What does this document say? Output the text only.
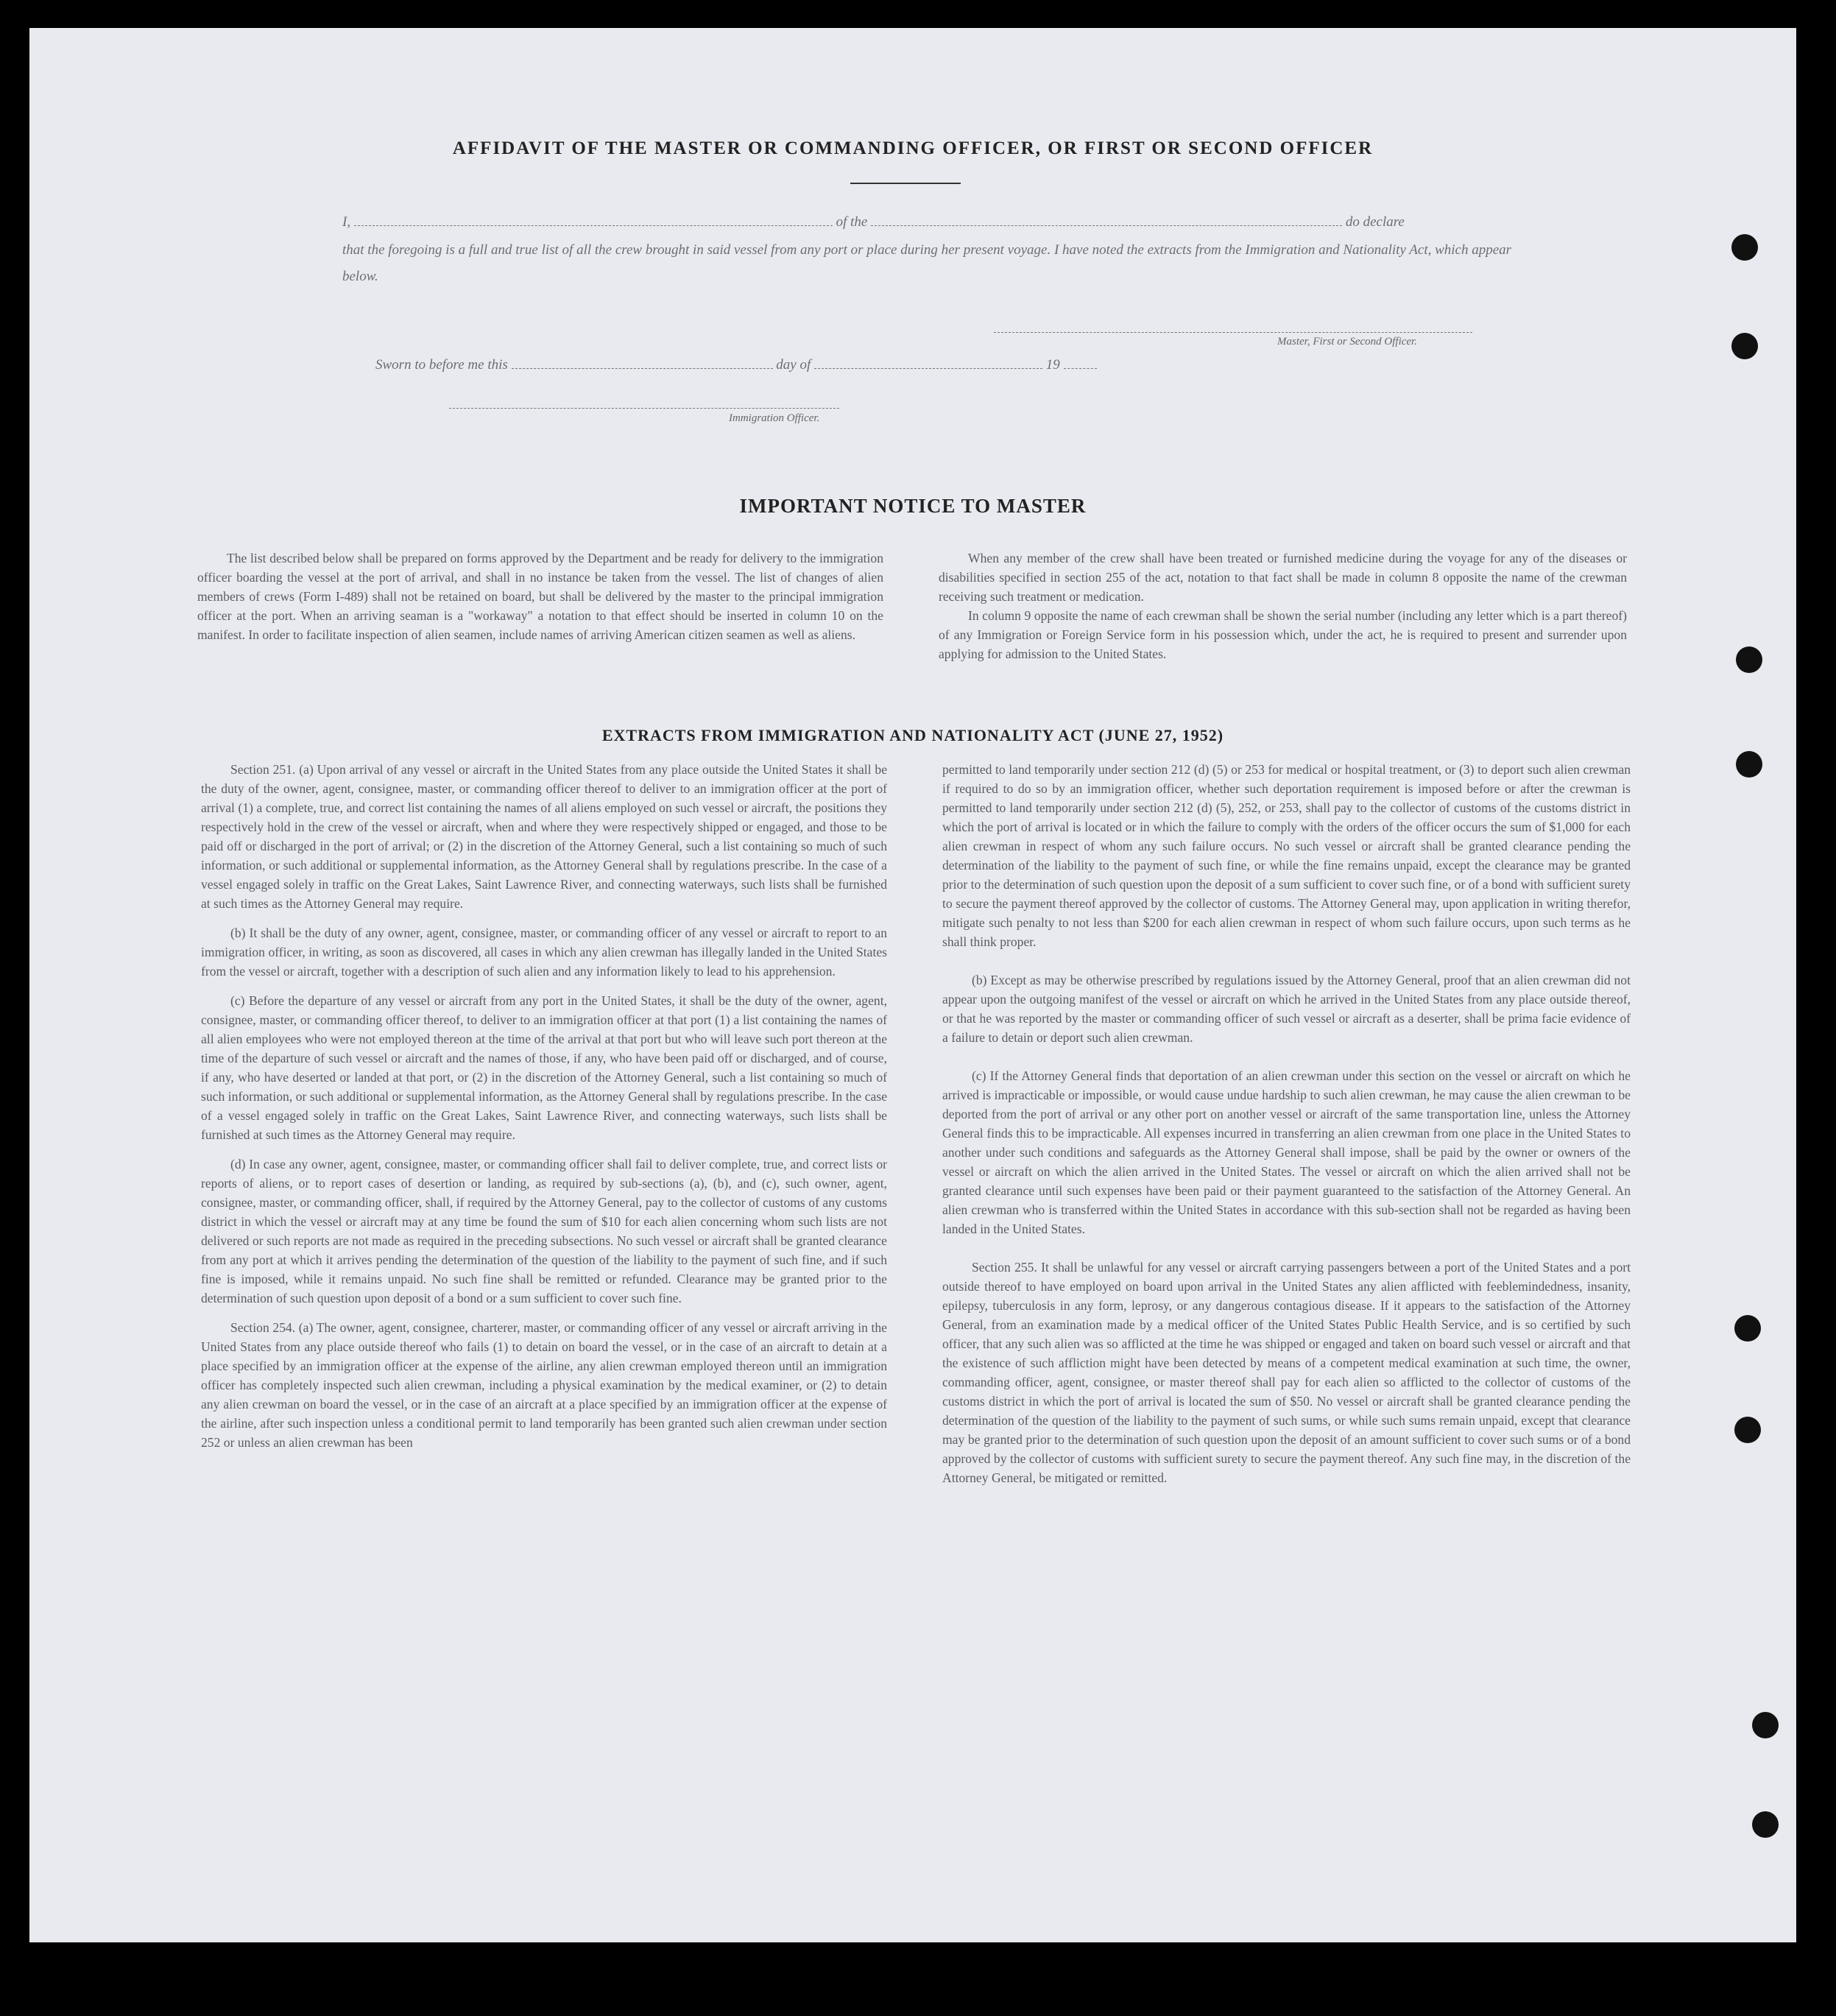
AFFIDAVIT OF THE MASTER OR COMMANDING OFFICER, OR FIRST OR SECOND OFFICER
I,	of the	do declare
that the foregoing is a full and true list of all the crew brought in said vessel from any port or place during her present voyage. I have noted the extracts from the Immigration and Nationality Act, which appear below.
Master, First or Second Officer.
Sworn to before me this	day of	19
Immigration Officer.
IMPORTANT NOTICE TO MASTER

The list described below shall be prepared on forms approved by the Department and be ready for delivery to the immigration officer boarding the vessel at the port of arrival, and shall in no instance be taken from the vessel. The list of changes of alien members of crews (Form I-489) shall not be retained on board, but shall be delivered by the master to the principal immigration officer at the port. When an arriving seaman is a "workaway" a notation to that effect should be inserted in column 10 on the manifest. In order to facilitate inspection of alien seamen, include names of arriving American citizen seamen as well as aliens.

When any member of the crew shall have been treated or furnished medicine during the voyage for any of the diseases or disabilities specified in section 255 of the act, notation to that fact shall be made in column 8 opposite the name of the crewman receiving such treatment or medication.

In column 9 opposite the name of each crewman shall be shown the serial number (including any letter which is a part thereof) of any Immigration or Foreign Service form in his possession which, under the act, he is required to present and surrender upon applying for admission to the United States.

EXTRACTS FROM IMMIGRATION AND NATIONALITY ACT (JUNE 27, 1952)

Section 251. (a) Upon arrival of any vessel or aircraft in the United States from any place outside the United States it shall be the duty of the owner, agent, consignee, master, or commanding officer thereof to deliver to an immigration officer at the port of arrival (1) a complete, true, and correct list containing the names of all aliens employed on such vessel or aircraft, the positions they respectively hold in the crew of the vessel or aircraft, when and where they were respectively shipped or engaged, and those to be paid off or discharged in the port of arrival; or (2) in the discretion of the Attorney General, such a list containing so much of such information, or such additional or supplemental information, as the Attorney General shall by regulations prescribe. In the case of a vessel engaged solely in traffic on the Great Lakes, Saint Lawrence River, and connecting waterways, such lists shall be furnished at such times as the Attorney General may require.

(b) It shall be the duty of any owner, agent, consignee, master, or commanding officer of any vessel or aircraft to report to an immigration officer, in writing, as soon as discovered, all cases in which any alien crewman has illegally landed in the United States from the vessel or aircraft, together with a description of such alien and any information likely to lead to his apprehension.

(c) Before the departure of any vessel or aircraft from any port in the United States, it shall be the duty of the owner, agent, consignee, master, or commanding officer thereof, to deliver to an immigration officer at that port (1) a list containing the names of all alien employees who were not employed thereon at the time of the arrival at that port but who will leave such port thereon at the time of the departure of such vessel or aircraft and the names of those, if any, who have been paid off or discharged, and of course, if any, who have deserted or landed at that port, or (2) in the discretion of the Attorney General, such a list containing so much of such information, or such additional or supplemental information, as the Attorney General shall by regulations prescribe. In the case of a vessel engaged solely in traffic on the Great Lakes, Saint Lawrence River, and connecting waterways, such lists shall be furnished at such times as the Attorney General may require.

(d) In case any owner, agent, consignee, master, or commanding officer shall fail to deliver complete, true, and correct lists or reports of aliens, or to report cases of desertion or landing, as required by sub-sections (a), (b), and (c), such owner, agent, consignee, master, or commanding officer, shall, if required by the Attorney General, pay to the collector of customs of any customs district in which the vessel or aircraft may at any time be found the sum of $10 for each alien concerning whom such lists are not delivered or such reports are not made as required in the preceding subsections. No such vessel or aircraft shall be granted clearance from any port at which it arrives pending the determination of the question of the liability to the payment of such fine, and if such fine is imposed, while it remains unpaid. No such fine shall be remitted or refunded. Clearance may be granted prior to the determination of such question upon deposit of a bond or a sum sufficient to cover such fine.

Section 254. (a) The owner, agent, consignee, charterer, master, or commanding officer of any vessel or aircraft arriving in the United States from any place outside thereof who fails (1) to detain on board the vessel, or in the case of an aircraft to detain at a place specified by an immigration officer at the expense of the airline, any alien crewman employed thereon until an immigration officer has completely inspected such alien crewman, including a physical examination by the medical examiner, or (2) to detain any alien crewman on board the vessel, or in the case of an aircraft at a place specified by an immigration officer at the expense of the airline, after such inspection unless a conditional permit to land temporarily has been granted such alien crewman under section 252 or unless an alien crewman has been

permitted to land temporarily under section 212 (d) (5) or 253 for medical or hospital treatment, or (3) to deport such alien crewman if required to do so by an immigration officer, whether such deportation requirement is imposed before or after the crewman is permitted to land temporarily under section 212 (d) (5), 252, or 253, shall pay to the collector of customs of the customs district in which the port of arrival is located or in which the failure to comply with the orders of the officer occurs the sum of $1,000 for each alien crewman in respect of whom any such failure occurs. No such vessel or aircraft shall be granted clearance pending the determination of the liability to the payment of such fine, or while the fine remains unpaid, except the clearance may be granted prior to the determination of such question upon the deposit of a sum sufficient to cover such fine, or of a bond with sufficient surety to secure the payment thereof approved by the collector of customs. The Attorney General may, upon application in writing therefor, mitigate such penalty to not less than $200 for each alien crewman in respect of whom such failure occurs, upon such terms as he shall think proper.

(b) Except as may be otherwise prescribed by regulations issued by the Attorney General, proof that an alien crewman did not appear upon the outgoing manifest of the vessel or aircraft on which he arrived in the United States from any place outside thereof, or that he was reported by the master or commanding officer of such vessel or aircraft as a deserter, shall be prima facie evidence of a failure to detain or deport such alien crewman.

(c) If the Attorney General finds that deportation of an alien crewman under this section on the vessel or aircraft on which he arrived is impracticable or impossible, or would cause undue hardship to such alien crewman, he may cause the alien crewman to be deported from the port of arrival or any other port on another vessel or aircraft of the same transportation line, unless the Attorney General finds this to be impracticable. All expenses incurred in transferring an alien crewman from one place in the United States to another under such conditions and safeguards as the Attorney General shall impose, shall be paid by the owner or owners of the vessel or aircraft on which the alien arrived in the United States. The vessel or aircraft on which the alien arrived shall not be granted clearance until such expenses have been paid or their payment guaranteed to the satisfaction of the Attorney General. An alien crewman who is transferred within the United States in accordance with this sub-section shall not be regarded as having been landed in the United States.

Section 255. It shall be unlawful for any vessel or aircraft carrying passengers between a port of the United States and a port outside thereof to have employed on board upon arrival in the United States any alien afflicted with feeblemindedness, insanity, epilepsy, tuberculosis in any form, leprosy, or any dangerous contagious disease. If it appears to the satisfaction of the Attorney General, from an examination made by a medical officer of the United States Public Health Service, and is so certified by such officer, that any such alien was so afflicted at the time he was shipped or engaged and taken on board such vessel or aircraft and that the existence of such affliction might have been detected by means of a competent medical examination at such time, the owner, commanding officer, agent, consignee, or master thereof shall pay for each alien so afflicted to the collector of customs of the customs district in which the port of arrival is located the sum of $50. No vessel or aircraft shall be granted clearance pending the determination of the question of the liability to the payment of such sums, or while such sums remain unpaid, except that clearance may be granted prior to the determination of such question upon the deposit of an amount sufficient to cover such sums or of a bond approved by the collector of customs with sufficient surety to secure the payment thereof. Any such fine may, in the discretion of the Attorney General, be mitigated or remitted.
